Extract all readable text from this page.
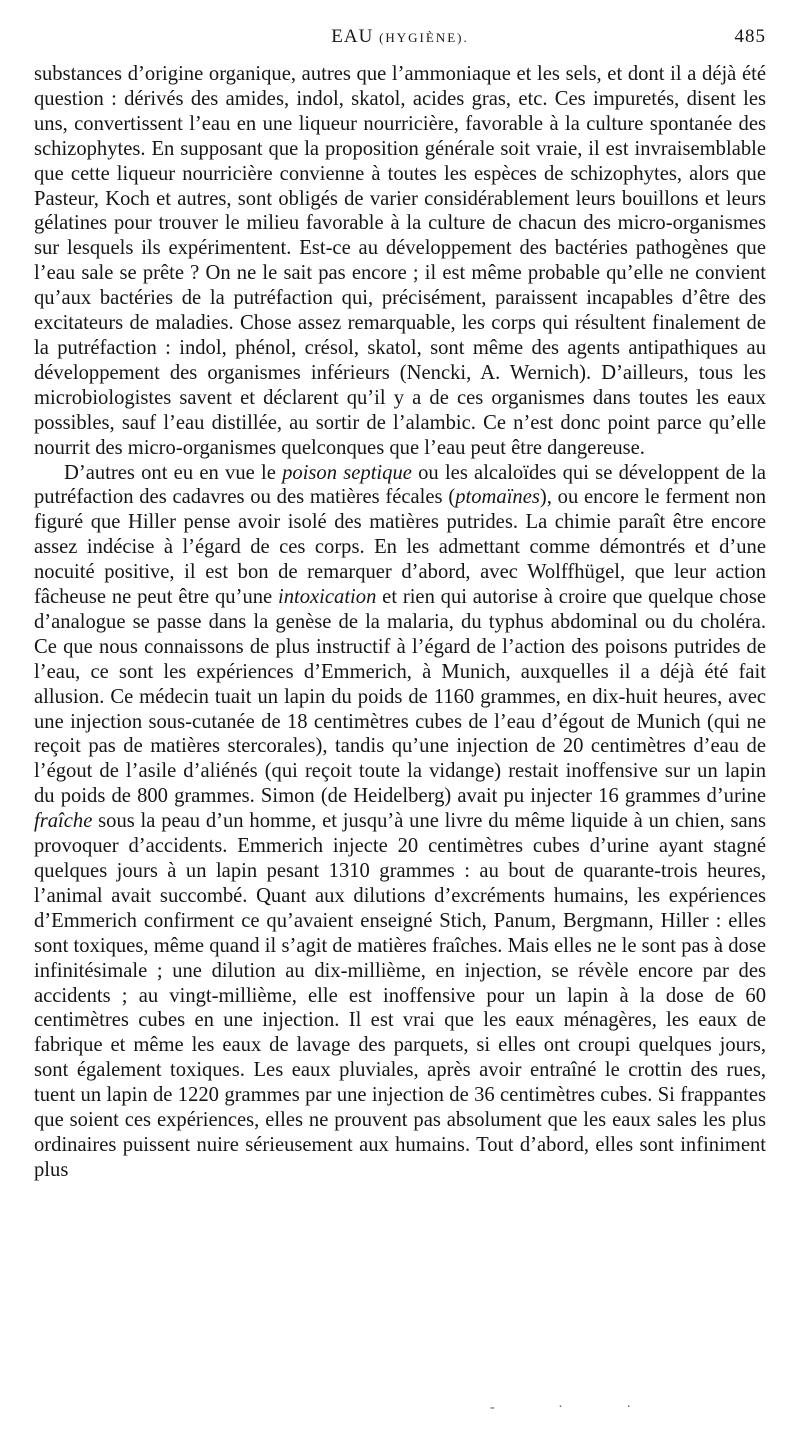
EAU (HYGIÈNE).	485

substances d’origine organique, autres que l’ammoniaque et les sels, et dont il a déjà été question : dérivés des amides, indol, skatol, acides gras, etc. Ces impuretés, disent les uns, convertissent l’eau en une liqueur nourricière, favorable à la culture spontanée des schizophytes. En supposant que la proposition générale soit vraie, il est invraisemblable que cette liqueur nourricière convienne à toutes les espèces de schizophytes, alors que Pasteur, Koch et autres, sont obligés de varier considérablement leurs bouillons et leurs gélatines pour trouver le milieu favorable à la culture de chacun des micro-organismes sur lesquels ils expérimentent. Est-ce au développement des bactéries pathogènes que l’eau sale se prête ? On ne le sait pas encore ; il est même probable qu’elle ne convient qu’aux bactéries de la putréfaction qui, précisément, paraissent incapables d’être des excitateurs de maladies. Chose assez remarquable, les corps qui résultent finalement de la putréfaction : indol, phénol, crésol, skatol, sont même des agents antipathiques au développement des organismes inférieurs (Nencki, A. Wernich). D’ailleurs, tous les microbiologistes savent et déclarent qu’il y a de ces organismes dans toutes les eaux possibles, sauf l’eau distillée, au sortir de l’alambic. Ce n’est donc point parce qu’elle nourrit des micro-organismes quelconques que l’eau peut être dangereuse.

D’autres ont eu en vue le poison septique ou les alcaloïdes qui se développent de la putréfaction des cadavres ou des matières fécales (ptomaïnes), ou encore le ferment non figuré que Hiller pense avoir isolé des matières putrides. La chimie paraît être encore assez indécise à l’égard de ces corps. En les admettant comme démontrés et d’une nocuité positive, il est bon de remarquer d’abord, avec Wolffhügel, que leur action fâcheuse ne peut être qu’une intoxication et rien qui autorise à croire que quelque chose d’analogue se passe dans la genèse de la malaria, du typhus abdominal ou du choléra. Ce que nous connaissons de plus instructif à l’égard de l’action des poisons putrides de l’eau, ce sont les expériences d’Emmerich, à Munich, auxquelles il a déjà été fait allusion. Ce médecin tuait un lapin du poids de 1160 grammes, en dix-huit heures, avec une injection sous-cutanée de 18 centimètres cubes de l’eau d’égout de Munich (qui ne reçoit pas de matières stercorales), tandis qu’une injection de 20 centimètres d’eau de l’égout de l’asile d’aliénés (qui reçoit toute la vidange) restait inoffensive sur un lapin du poids de 800 grammes. Simon (de Heidelberg) avait pu injecter 16 grammes d’urine fraîche sous la peau d’un homme, et jusqu’à une livre du même liquide à un chien, sans provoquer d’accidents. Emmerich injecte 20 centimètres cubes d’urine ayant stagné quelques jours à un lapin pesant 1310 grammes : au bout de quarante-trois heures, l’animal avait succombé. Quant aux dilutions d’excréments humains, les expériences d’Emmerich confirment ce qu’avaient enseigné Stich, Panum, Bergmann, Hiller : elles sont toxiques, même quand il s’agit de matières fraîches. Mais elles ne le sont pas à dose infinitésimale ; une dilution au dix-millième, en injection, se révèle encore par des accidents ; au vingt-millième, elle est inoffensive pour un lapin à la dose de 60 centimètres cubes en une injection. Il est vrai que les eaux ménagères, les eaux de fabrique et même les eaux de lavage des parquets, si elles ont croupi quelques jours, sont également toxiques. Les eaux pluviales, après avoir entraîné le crottin des rues, tuent un lapin de 1220 grammes par une injection de 36 centimètres cubes. Si frappantes que soient ces expériences, elles ne prouvent pas absolument que les eaux sales les plus ordinaires puissent nuire sérieusement aux humains. Tout d’abord, elles sont infiniment plus

- · ·
